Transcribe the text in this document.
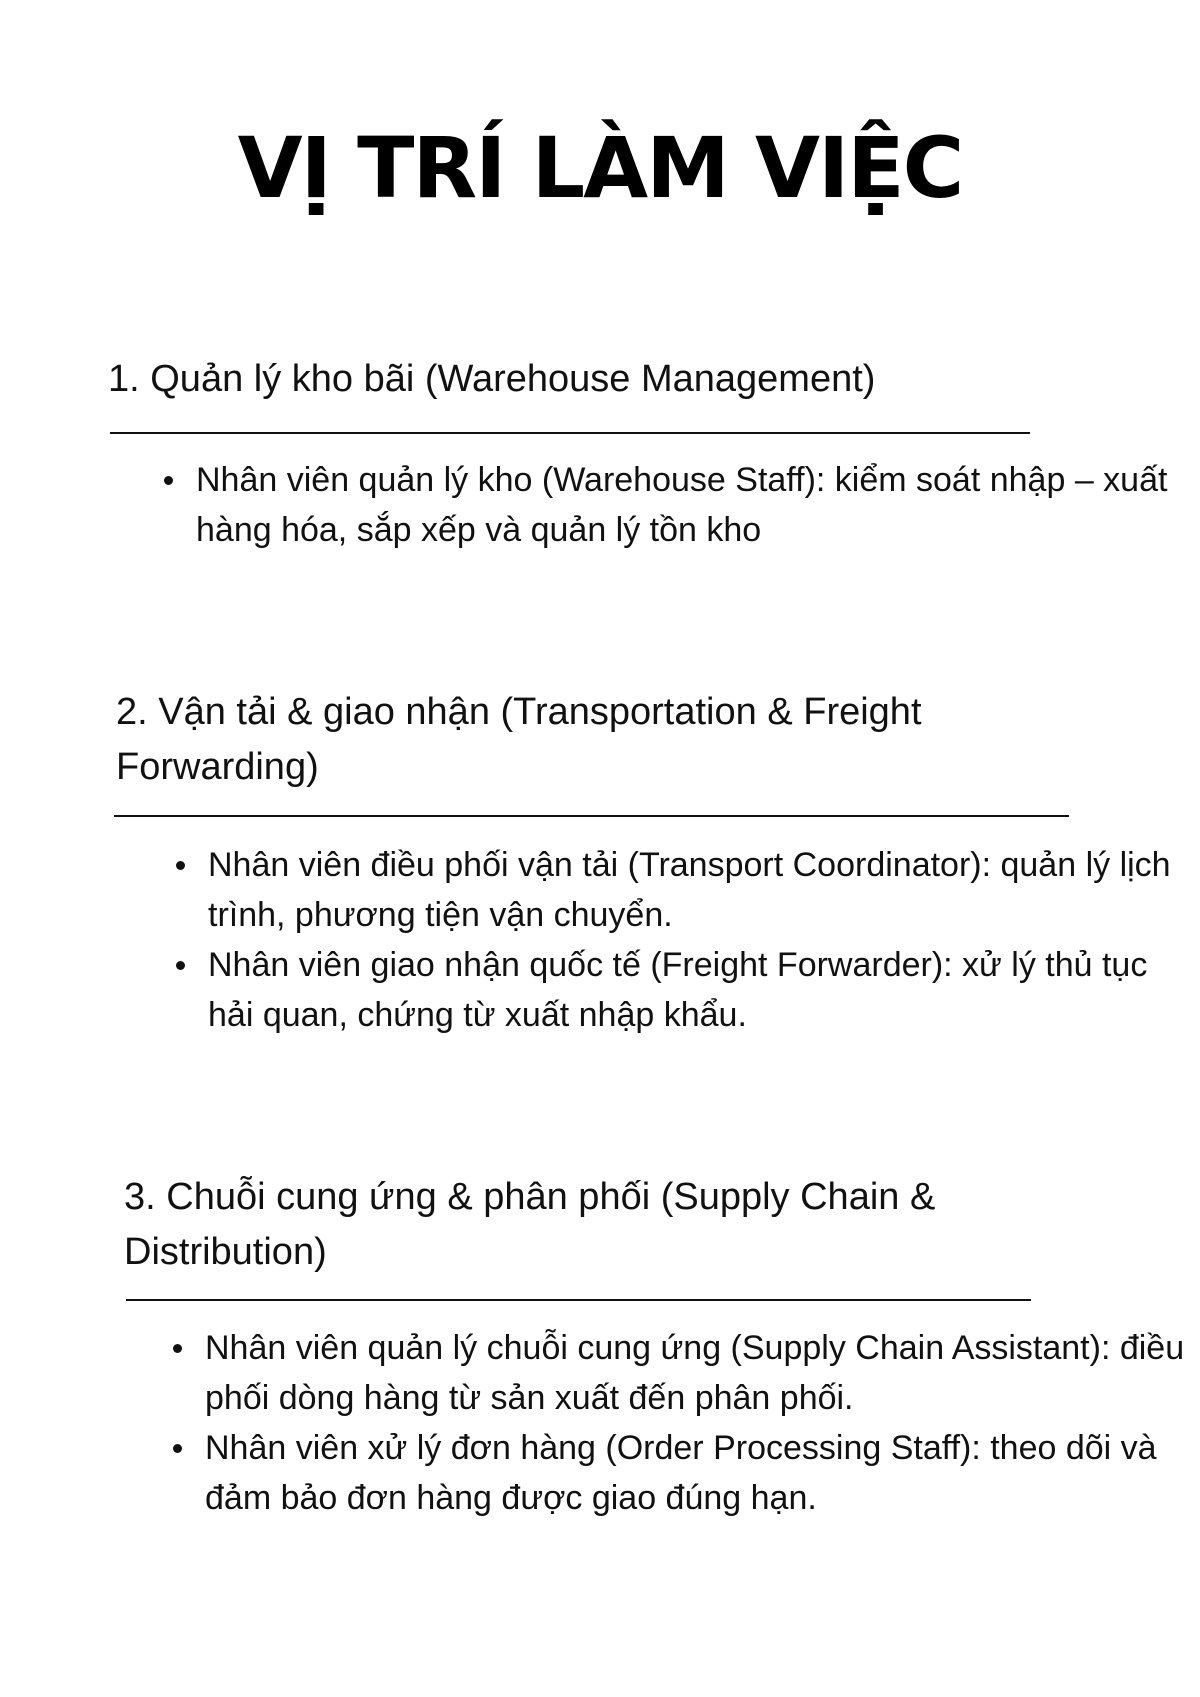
VỊ TRÍ LÀM VIỆC
1. Quản lý kho bãi (Warehouse Management)
Nhân viên quản lý kho (Warehouse Staff): kiểm soát nhập – xuất hàng hóa, sắp xếp và quản lý tồn kho
2. Vận tải & giao nhận (Transportation & Freight Forwarding)
Nhân viên điều phối vận tải (Transport Coordinator): quản lý lịch trình, phương tiện vận chuyển.
Nhân viên giao nhận quốc tế (Freight Forwarder): xử lý thủ tục hải quan, chứng từ xuất nhập khẩu.
3. Chuỗi cung ứng & phân phối (Supply Chain & Distribution)
Nhân viên quản lý chuỗi cung ứng (Supply Chain Assistant): điều phối dòng hàng từ sản xuất đến phân phối.
Nhân viên xử lý đơn hàng (Order Processing Staff): theo dõi và đảm bảo đơn hàng được giao đúng hạn.
